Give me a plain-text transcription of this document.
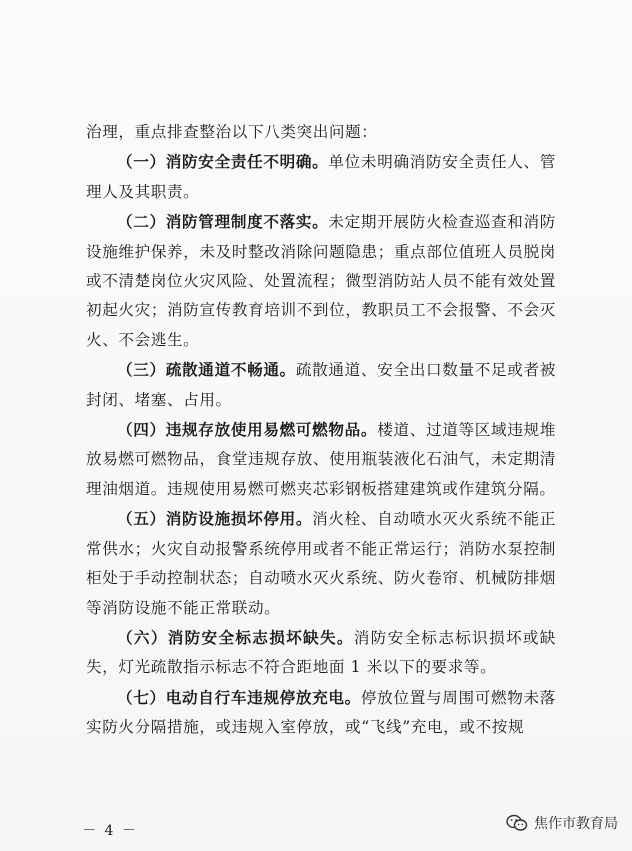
治理，重点排查整治以下八类突出问题：

（一）消防安全责任不明确。单位未明确消防安全责任人、管理人及其职责。

（二）消防管理制度不落实。未定期开展防火检查巡查和消防设施维护保养，未及时整改消除问题隐患；重点部位值班人员脱岗或不清楚岗位火灾风险、处置流程；微型消防站人员不能有效处置初起火灾；消防宣传教育培训不到位，教职员工不会报警、不会灭火、不会逃生。

（三）疏散通道不畅通。疏散通道、安全出口数量不足或者被封闭、堵塞、占用。

（四）违规存放使用易燃可燃物品。楼道、过道等区域违规堆放易燃可燃物品，食堂违规存放、使用瓶装液化石油气，未定期清理油烟道。违规使用易燃可燃夹芯彩钢板搭建建筑或作建筑分隔。

（五）消防设施损坏停用。消火栓、自动喷水灭火系统不能正常供水；火灾自动报警系统停用或者不能正常运行；消防水泵控制柜处于手动控制状态；自动喷水灭火系统、防火卷帘、机械防排烟等消防设施不能正常联动。

（六）消防安全标志损坏缺失。消防安全标志标识损坏或缺失，灯光疏散指示标志不符合距地面 1 米以下的要求等。

（七）电动自行车违规停放充电。停放位置与周围可燃物未落实防火分隔措施，或违规入室停放，或“飞线”充电，或不按规

－ 4 －	焦作市教育局
